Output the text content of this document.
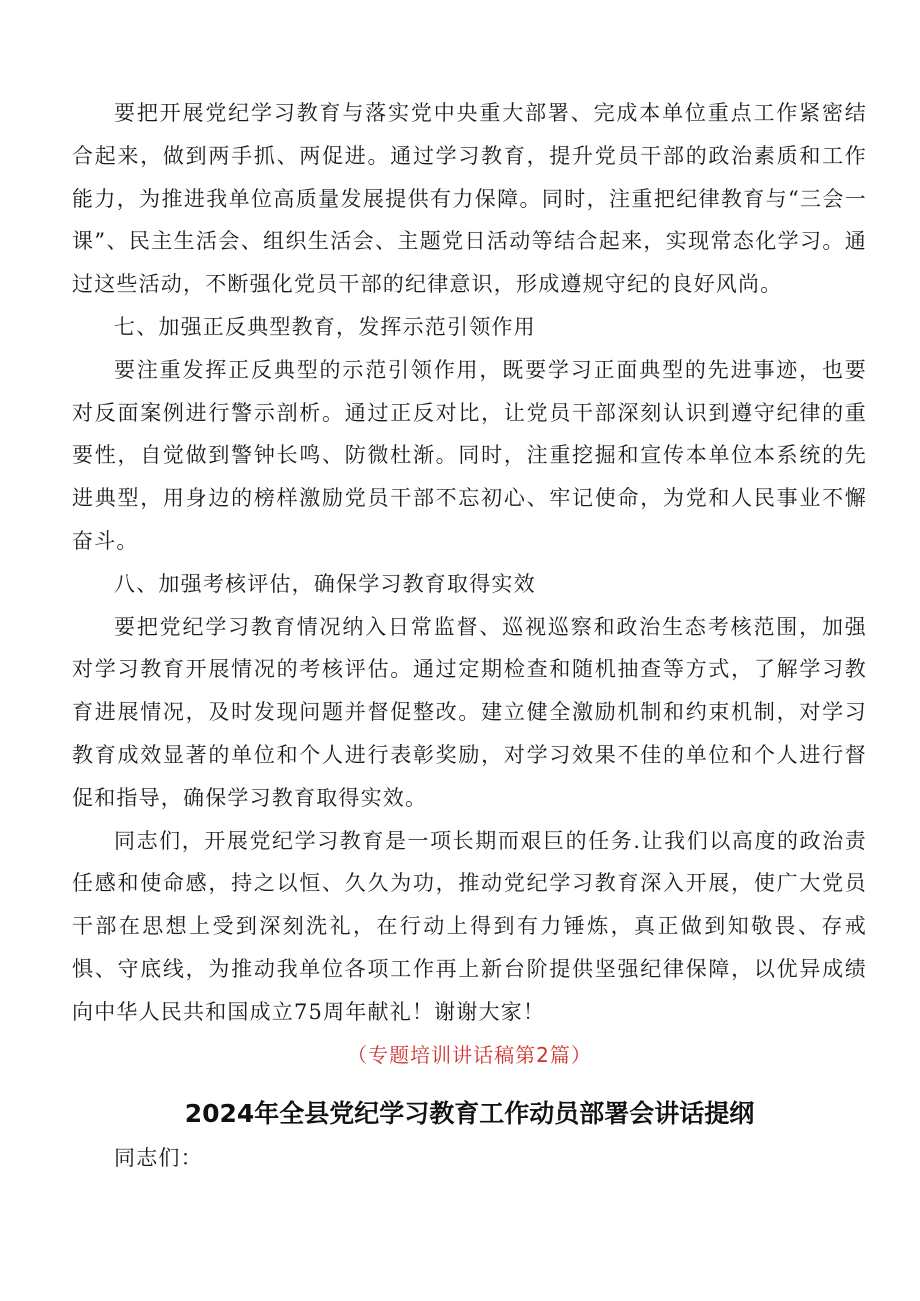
要把开展党纪学习教育与落实党中央重大部署、完成本单位重点工作紧密结合起来，做到两手抓、两促进。通过学习教育，提升党员干部的政治素质和工作能力，为推进我单位高质量发展提供有力保障。同时，注重把纪律教育与“三会一课”、民主生活会、组织生活会、主题党日活动等结合起来，实现常态化学习。通过这些活动，不断强化党员干部的纪律意识，形成遵规守纪的良好风尚。

七、加强正反典型教育，发挥示范引领作用

要注重发挥正反典型的示范引领作用，既要学习正面典型的先进事迹，也要对反面案例进行警示剖析。通过正反对比，让党员干部深刻认识到遵守纪律的重要性，自觉做到警钟长鸣、防微杜渐。同时，注重挖掘和宣传本单位本系统的先进典型，用身边的榜样激励党员干部不忘初心、牢记使命，为党和人民事业不懈奋斗。

八、加强考核评估，确保学习教育取得实效

要把党纪学习教育情况纳入日常监督、巡视巡察和政治生态考核范围，加强对学习教育开展情况的考核评估。通过定期检查和随机抽查等方式，了解学习教育进展情况，及时发现问题并督促整改。建立健全激励机制和约束机制，对学习教育成效显著的单位和个人进行表彰奖励，对学习效果不佳的单位和个人进行督促和指导，确保学习教育取得实效。

同志们，开展党纪学习教育是一项长期而艰巨的任务.让我们以高度的政治责任感和使命感，持之以恒、久久为功，推动党纪学习教育深入开展，使广大党员干部在思想上受到深刻洗礼，在行动上得到有力锤炼，真正做到知敬畏、存戒惧、守底线，为推动我单位各项工作再上新台阶提供坚强纪律保障，以优异成绩向中华人民共和国成立75周年献礼！谢谢大家！

（专题培训讲话稿第2篇）

2024年全县党纪学习教育工作动员部署会讲话提纲

同志们：
